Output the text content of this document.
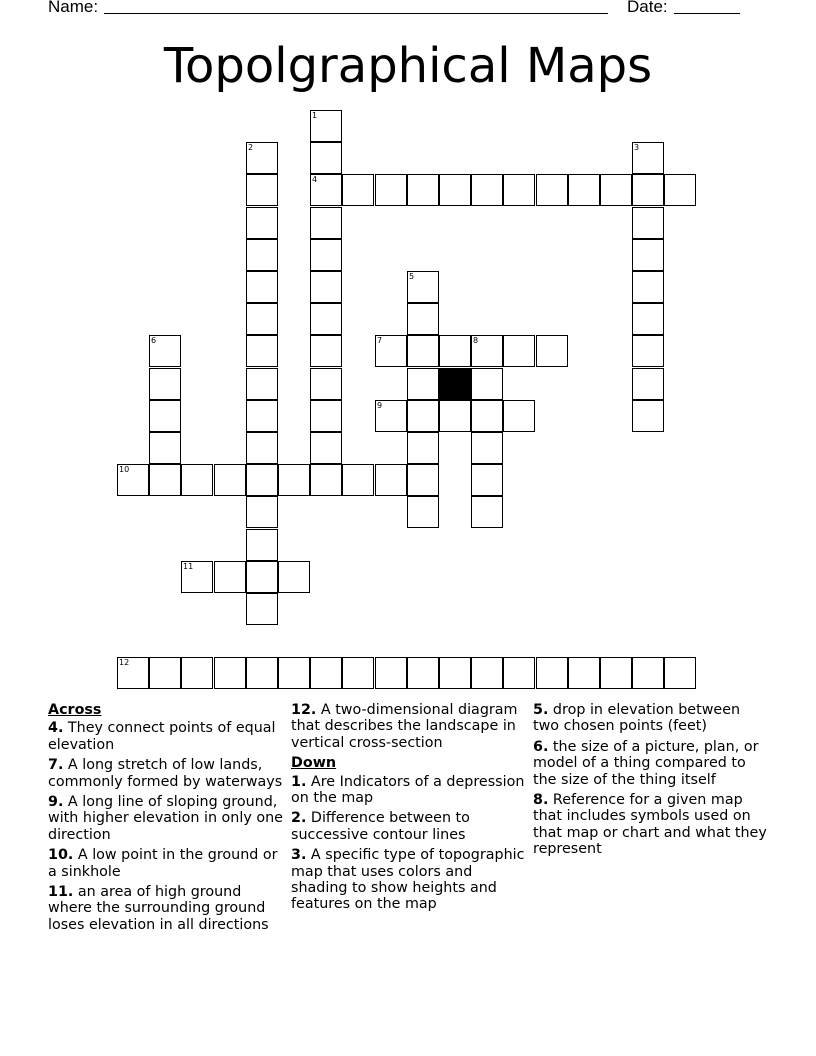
Name:	Date:
Topolgraphical Maps
1
2	3
4
5
6	7	8
9
10
11
12
Across
4. They connect points of equal elevation
7. A long stretch of low lands, commonly formed by waterways
9. A long line of sloping ground, with higher elevation in only one direction
10. A low point in the ground or a sinkhole
11. an area of high ground where the surrounding ground loses elevation in all directions
12. A two-dimensional diagram that describes the landscape in vertical cross-section
Down
1. Are Indicators of a depression on the map
2. Difference between to successive contour lines
3. A specific type of topographic map that uses colors and shading to show heights and features on the map
5. drop in elevation between two chosen points (feet)
6. the size of a picture, plan, or model of a thing compared to the size of the thing itself
8. Reference for a given map that includes symbols used on that map or chart and what they represent
